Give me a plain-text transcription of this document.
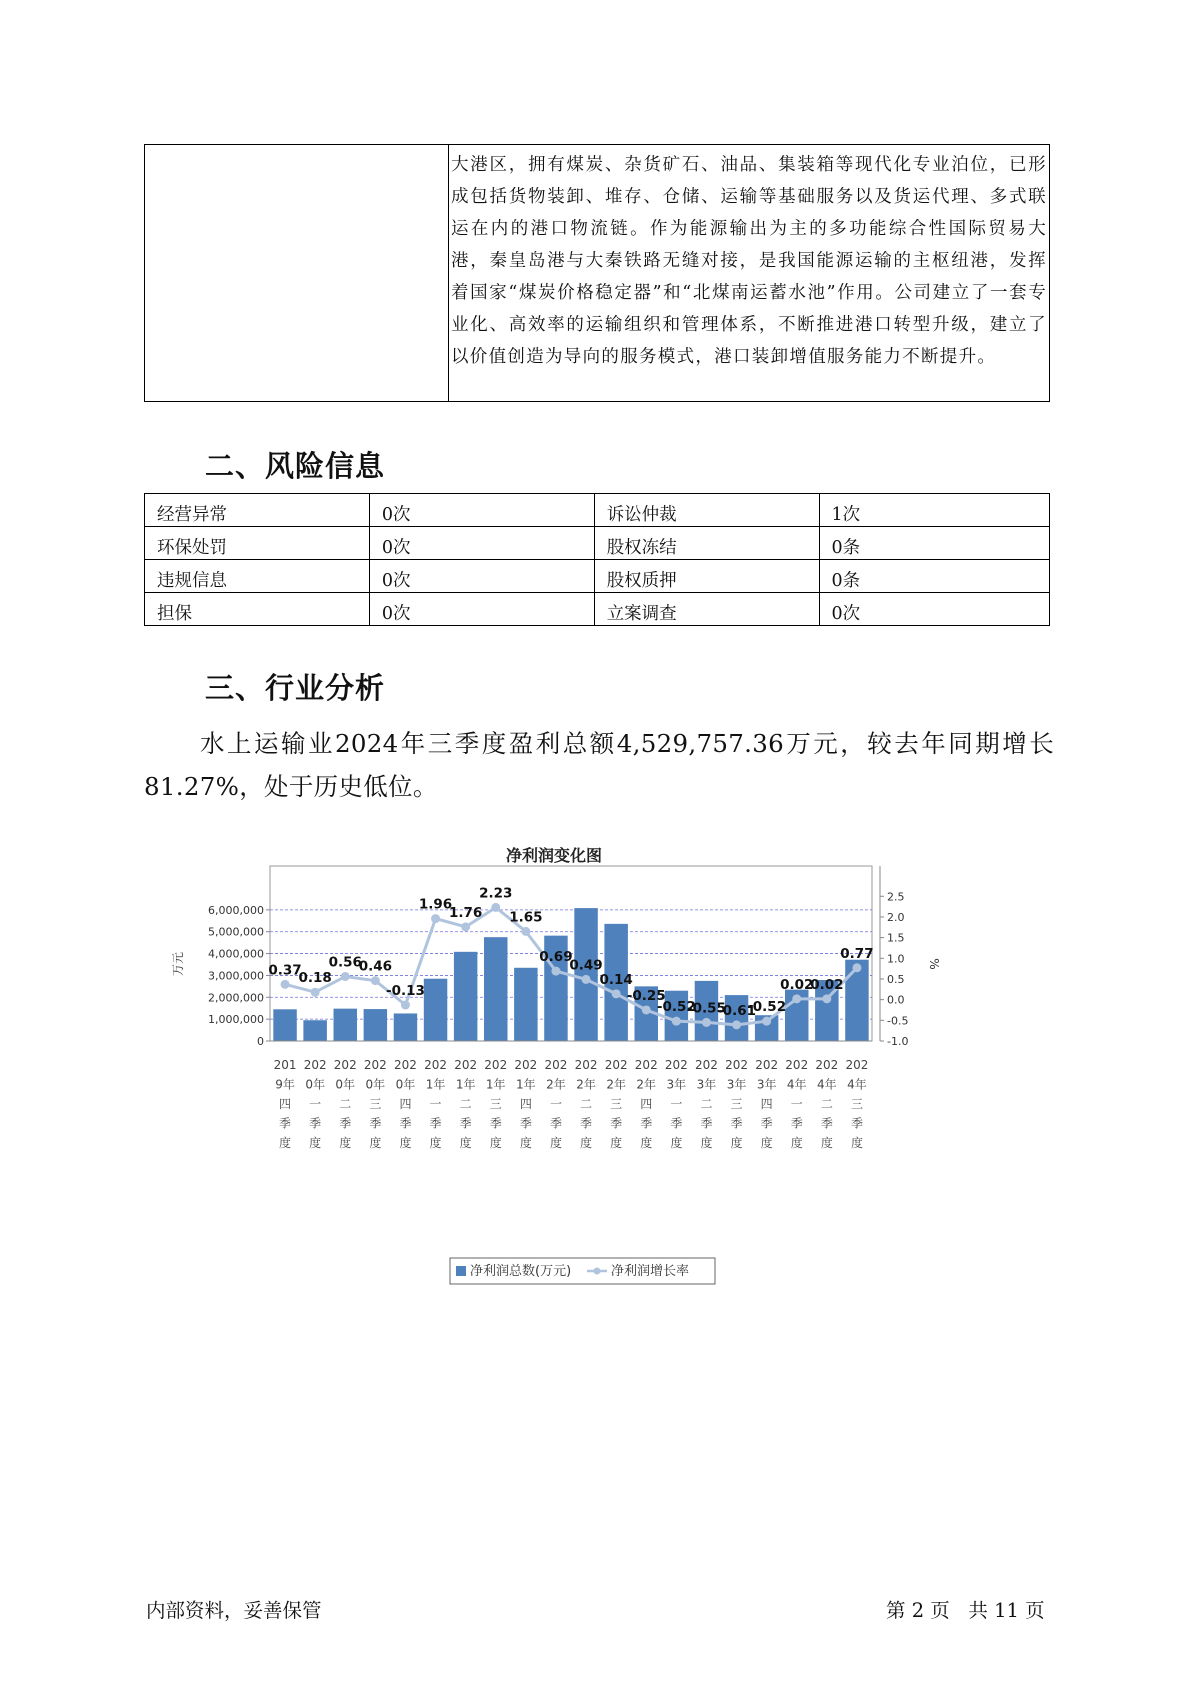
大港区，拥有煤炭、杂货矿石、油品、集装箱等现代化专业泊位，已形成包括货物装卸、堆存、仓储、运输等基础服务以及货运代理、多式联运在内的港口物流链。作为能源输出为主的多功能综合性国际贸易大港，秦皇岛港与大秦铁路无缝对接，是我国能源运输的主枢纽港，发挥着国家“煤炭价格稳定器”和“北煤南运蓄水池”作用。公司建立了一套专业化、高效率的运输组织和管理体系，不断推进港口转型升级，建立了以价值创造为导向的服务模式，港口装卸增值服务能力不断提升。
二、风险信息
经营异常	0次	诉讼仲裁	1次
环保处罚	0次	股权冻结	0条
违规信息	0次	股权质押	0条
担保	0次	立案调查	0次
三、行业分析
水上运输业2024年三季度盈利总额4,529,757.36万元，较去年同期增长81.27%，处于历史低位。
净利润变化图
0
1,000,000
2,000,000
3,000,000
4,000,000
5,000,000
6,000,000
-1.0
-0.5
0.0
0.5
1.0
1.5
2.0
2.5
万元	%
0.37
0.18
0.56
0.46
-0.13
1.96
1.76
2.23
1.65
0.69
0.49
0.14
-0.25
-0.52
-0.55
-0.61
-0.52
0.02
0.02
0.77
201
9年
四
季
度
202
0年
一
季
度
202
0年
二
季
度
202
0年
三
季
度
202
0年
四
季
度
202
1年
一
季
度
202
1年
二
季
度
202
1年
三
季
度
202
1年
四
季
度
202
2年
一
季
度
202
2年
二
季
度
202
2年
三
季
度
202
2年
四
季
度
202
3年
一
季
度
202
3年
二
季
度
202
3年
三
季
度
202
3年
四
季
度
202
4年
一
季
度
202
4年
二
季
度
202
4年
三
季
度
净利润总数(万元)	净利润增长率
内部资料，妥善保管	第 2 页   共 11 页
